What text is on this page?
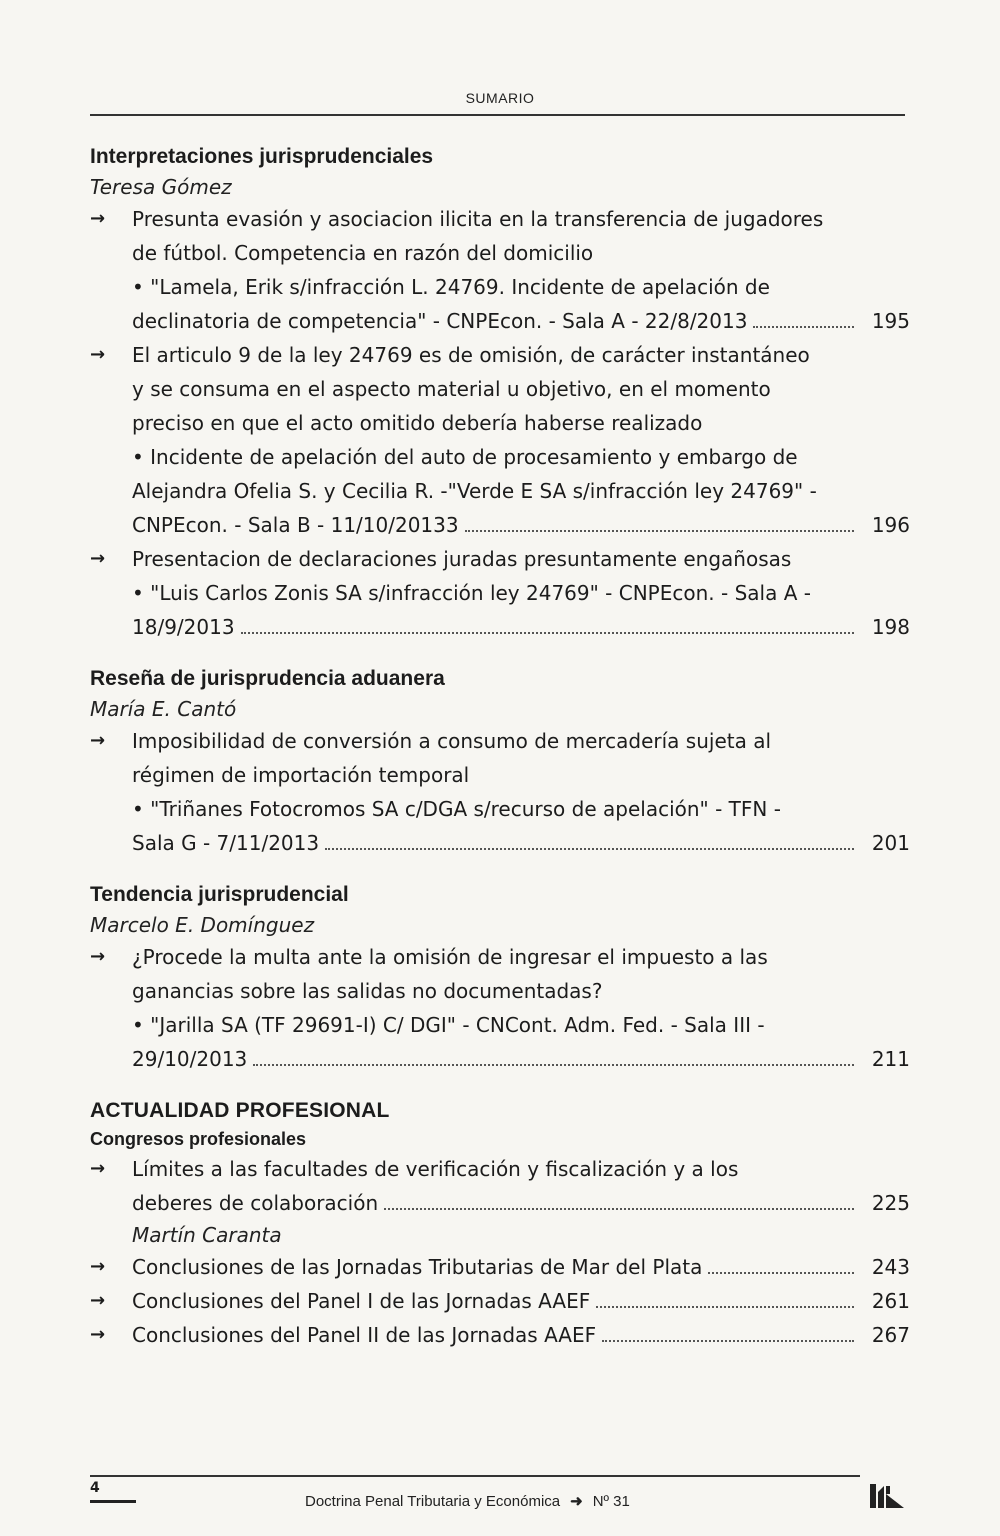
SUMARIO
Interpretaciones jurisprudenciales

Teresa Gómez

→	Presunta evasión y asociacion ilicita en la transferencia de jugadores
de fútbol. Competencia en razón del domicilio
• "Lamela, Erik s/infracción L. 24769. Incidente de apelación de
declinatoria de competencia" - CNPEcon. - Sala A - 22/8/2013	195
→	El articulo 9 de la ley 24769 es de omisión, de carácter instantáneo
y se consuma en el aspecto material u objetivo, en el momento
preciso en que el acto omitido debería haberse realizado
• Incidente de apelación del auto de procesamiento y embargo de
Alejandra Ofelia S. y Cecilia R. -"Verde E SA s/infracción ley 24769" -
CNPEcon. - Sala B - 11/10/20133	196
→	Presentacion de declaraciones juradas presuntamente engañosas
• "Luis Carlos Zonis SA s/infracción ley 24769" - CNPEcon. - Sala A -
18/9/2013	198
Reseña de jurisprudencia aduanera

María E. Cantó

→	Imposibilidad de conversión a consumo de mercadería sujeta al
régimen de importación temporal
• "Triñanes Fotocromos SA c/DGA s/recurso de apelación" - TFN -
Sala G - 7/11/2013	201
Tendencia jurisprudencial

Marcelo E. Domínguez

→	¿Procede la multa ante la omisión de ingresar el impuesto a las
ganancias sobre las salidas no documentadas?
• "Jarilla SA (TF 29691-I) C/ DGI" - CNCont. Adm. Fed. - Sala III -
29/10/2013	211
ACTUALIDAD PROFESIONAL
Congresos profesionales
→	Límites a las facultades de verificación y fiscalización y a los
deberes de colaboración	225
Martín Caranta
→	Conclusiones de las Jornadas Tributarias de Mar del Plata	243
→	Conclusiones del Panel I de las Jornadas AAEF	261
→	Conclusiones del Panel II de las Jornadas AAEF	267
4
Doctrina Penal Tributaria y Económica ➜ Nº 31
